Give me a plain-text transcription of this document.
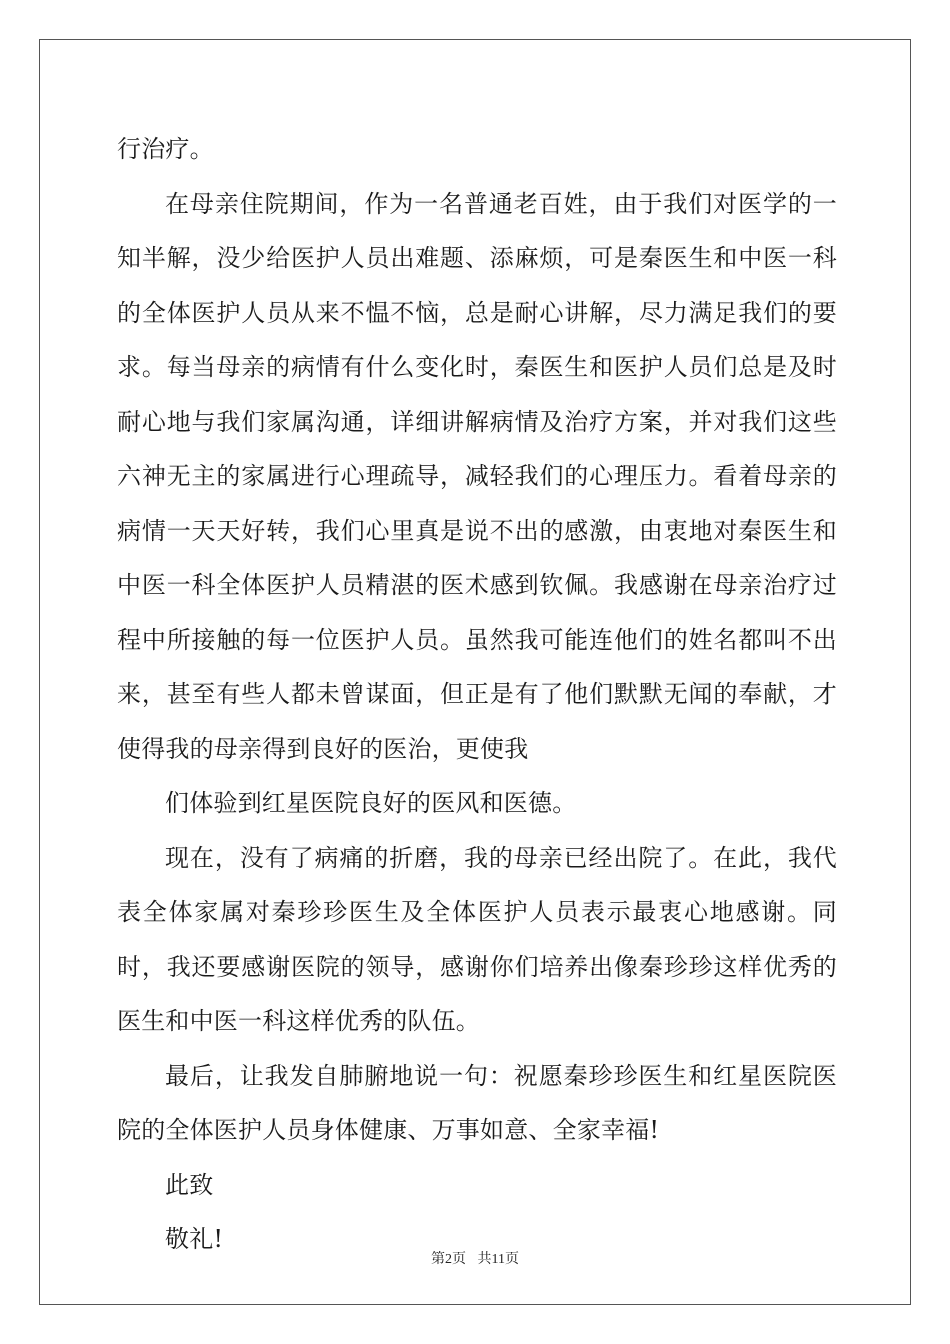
行治疗。

在母亲住院期间，作为一名普通老百姓，由于我们对医学的一知半解，没少给医护人员出难题、添麻烦，可是秦医生和中医一科的全体医护人员从来不愠不恼，总是耐心讲解，尽力满足我们的要求。每当母亲的病情有什么变化时，秦医生和医护人员们总是及时耐心地与我们家属沟通，详细讲解病情及治疗方案，并对我们这些六神无主的家属进行心理疏导，减轻我们的心理压力。看着母亲的病情一天天好转，我们心里真是说不出的感激，由衷地对秦医生和中医一科全体医护人员精湛的医术感到钦佩。我感谢在母亲治疗过程中所接触的每一位医护人员。虽然我可能连他们的姓名都叫不出来，甚至有些人都未曾谋面，但正是有了他们默默无闻的奉献，才使得我的母亲得到良好的医治，更使我

们体验到红星医院良好的医风和医德。

现在，没有了病痛的折磨，我的母亲已经出院了。在此，我代表全体家属对秦珍珍医生及全体医护人员表示最衷心地感谢。同时，我还要感谢医院的领导，感谢你们培养出像秦珍珍这样优秀的医生和中医一科这样优秀的队伍。

最后，让我发自肺腑地说一句：祝愿秦珍珍医生和红星医院医院的全体医护人员身体健康、万事如意、全家幸福!

此致

敬礼!

第2页 共11页
